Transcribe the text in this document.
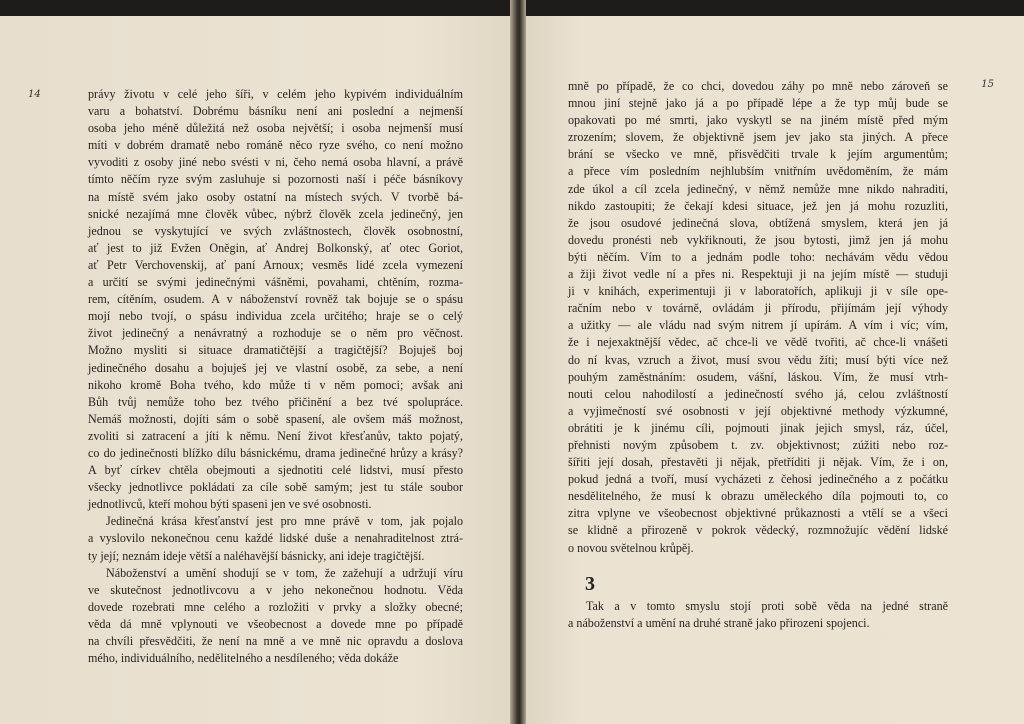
14	právy životu v celé jeho šíři, v celém jeho kypivém individuálním
varu a bohatství. Dobrému básníku není ani poslední a nejmenší
osoba jeho méně důležitá než osoba největší; i osoba nejmenší musí
míti v dobrém dramatě nebo románě něco ryze svého, co není možno
vyvoditi z osoby jiné nebo svésti v ni, čeho nemá osoba hlavní, a právě
tímto něčím ryze svým zasluhuje si pozornosti naší i péče básníkovy
na místě svém jako osoby ostatní na místech svých. V tvorbě bá-
snické nezajímá mne člověk vůbec, nýbrž člověk zcela jedinečný, jen
jednou se vyskytující ve svých zvláštnostech, člověk osobnostní,
ať jest to již Evžen Oněgin, ať Andrej Bolkonský, ať otec Goriot,
ať Petr Verchovenskij, ať paní Arnoux; vesměs lidé zcela vymezení
a určití se svými jedinečnými vášněmi, povahami, chtěním, rozma-
rem, cítěním, osudem. A v náboženství rovněž tak bojuje se o spásu
mojí nebo tvojí, o spásu individua zcela určitého; hraje se o celý
život jedinečný a nenávratný a rozhoduje se o něm pro věčnost.
Možno mysliti si situace dramatičtější a tragičtější? Bojuješ boj
jedinečného dosahu a bojuješ jej ve vlastní osobě, za sebe, a není
nikoho kromě Boha tvého, kdo může ti v něm pomoci; avšak ani
Bůh tvůj nemůže toho bez tvého přičinění a bez tvé spolupráce.
Nemáš možnosti, dojíti sám o sobě spasení, ale ovšem máš možnost,
zvoliti si zatracení a jíti k němu. Není život křesťanův, takto pojatý,
co do jedinečnosti blížko dílu básnickému, drama jedinečné hrůzy a krásy?
A byť církev chtěla obejmouti a sjednotiti celé lidstvi, musí přesto
všecky jednotlivce pokládati za cíle sobě samým; jest tu stále soubor
jednotlivců, kteří mohou býti spaseni jen ve své osobnosti.
Jedinečná krása křesťanství jest pro mne právě v tom, jak pojalo
a vyslovilo nekonečnou cenu každé lidské duše a nenahraditelnost ztrá-
ty její; neznám ideje větší a naléhavější básnicky, ani ideje tragičtější.
Náboženství a umění shodují se v tom, že zažehují a udržují víru
ve skutečnost jednotlivcovu a v jeho nekonečnou hodnotu. Věda
dovede rozebrati mne celého a rozložiti v prvky a složky obecné;
věda dá mně vplynouti ve všeobecnost a dovede mne po případě
na chvíli přesvědčiti, že není na mně a ve mně nic opravdu a doslova
mého, individuálního, nedělitelného a nesdíleného; věda dokáže
15
mně po případě, že co chci, dovedou záhy po mně nebo zároveň se
mnou jiní stejně jako já a po případě lépe a že typ můj bude se
opakovati po mé smrti, jako vyskytl se na jiném místě před mým
zrozením; slovem, že objektivně jsem jev jako sta jiných. A přece
brání se všecko ve mně, přisvědčiti trvale k jejím argumentům;
a přece vím posledním nejhlubším vnitřním uvědoměním, že mám
zde úkol a cíl zcela jedinečný, v němž nemůže mne nikdo nahraditi,
nikdo zastoupiti; že čekají kdesi situace, jež jen já mohu rozuzliti,
že jsou osudové jedinečná slova, obtížená smyslem, která jen já
dovedu pronésti neb vykřiknouti, že jsou bytosti, jimž jen já mohu
býti něčím. Vím to a jednám podle toho: nechávám vědu vědou
a žiji život vedle ní a přes ni. Respektuji ji na jejím místě — studuji
ji v knihách, experimentuji ji v laboratořích, aplikuji ji v síle ope-
račním nebo v továrně, ovládám ji přírodu, přijímám její výhody
a užitky — ale vládu nad svým nitrem jí upírám. A vím i víc; vím,
že i nejexaktnější vědec, ač chce-li ve vědě tvořiti, ač chce-li vnášeti
do ní kvas, vzruch a život, musí svou vědu žíti; musí býti více než
pouhým zaměstnáním: osudem, vášní, láskou. Vím, že musí vtrh-
nouti celou nahodilostí a jedinečností svého já, celou zvláštností
a vyjimečností své osobnosti v její objektivné methody výzkumné,
obrátiti je k jinému cíli, pojmouti jinak jejich smysl, ráz, účel,
přehnisti novým způsobem t. zv. objektivnost; zúžiti nebo roz-
šířiti její dosah, přestavěti ji nějak, přetříditi ji nějak. Vím, že i on,
pokud jedná a tvoří, musí vycházeti z čehosi jedinečného a z počátku
nesdělitelného, že musí k obrazu uměleckého díla pojmouti to, co
zitra vplyne ve všeobecnost objektivné průkaznosti a vtělí se a všeci
se klidně a přirozeně v pokrok vědecký, rozmnožujíc vědění lidské
o novou světelnou krůpěj.
3
Tak a v tomto smyslu stojí proti sobě věda na jedné straně
a náboženství a umění na druhé straně jako přirozeni spojenci.
